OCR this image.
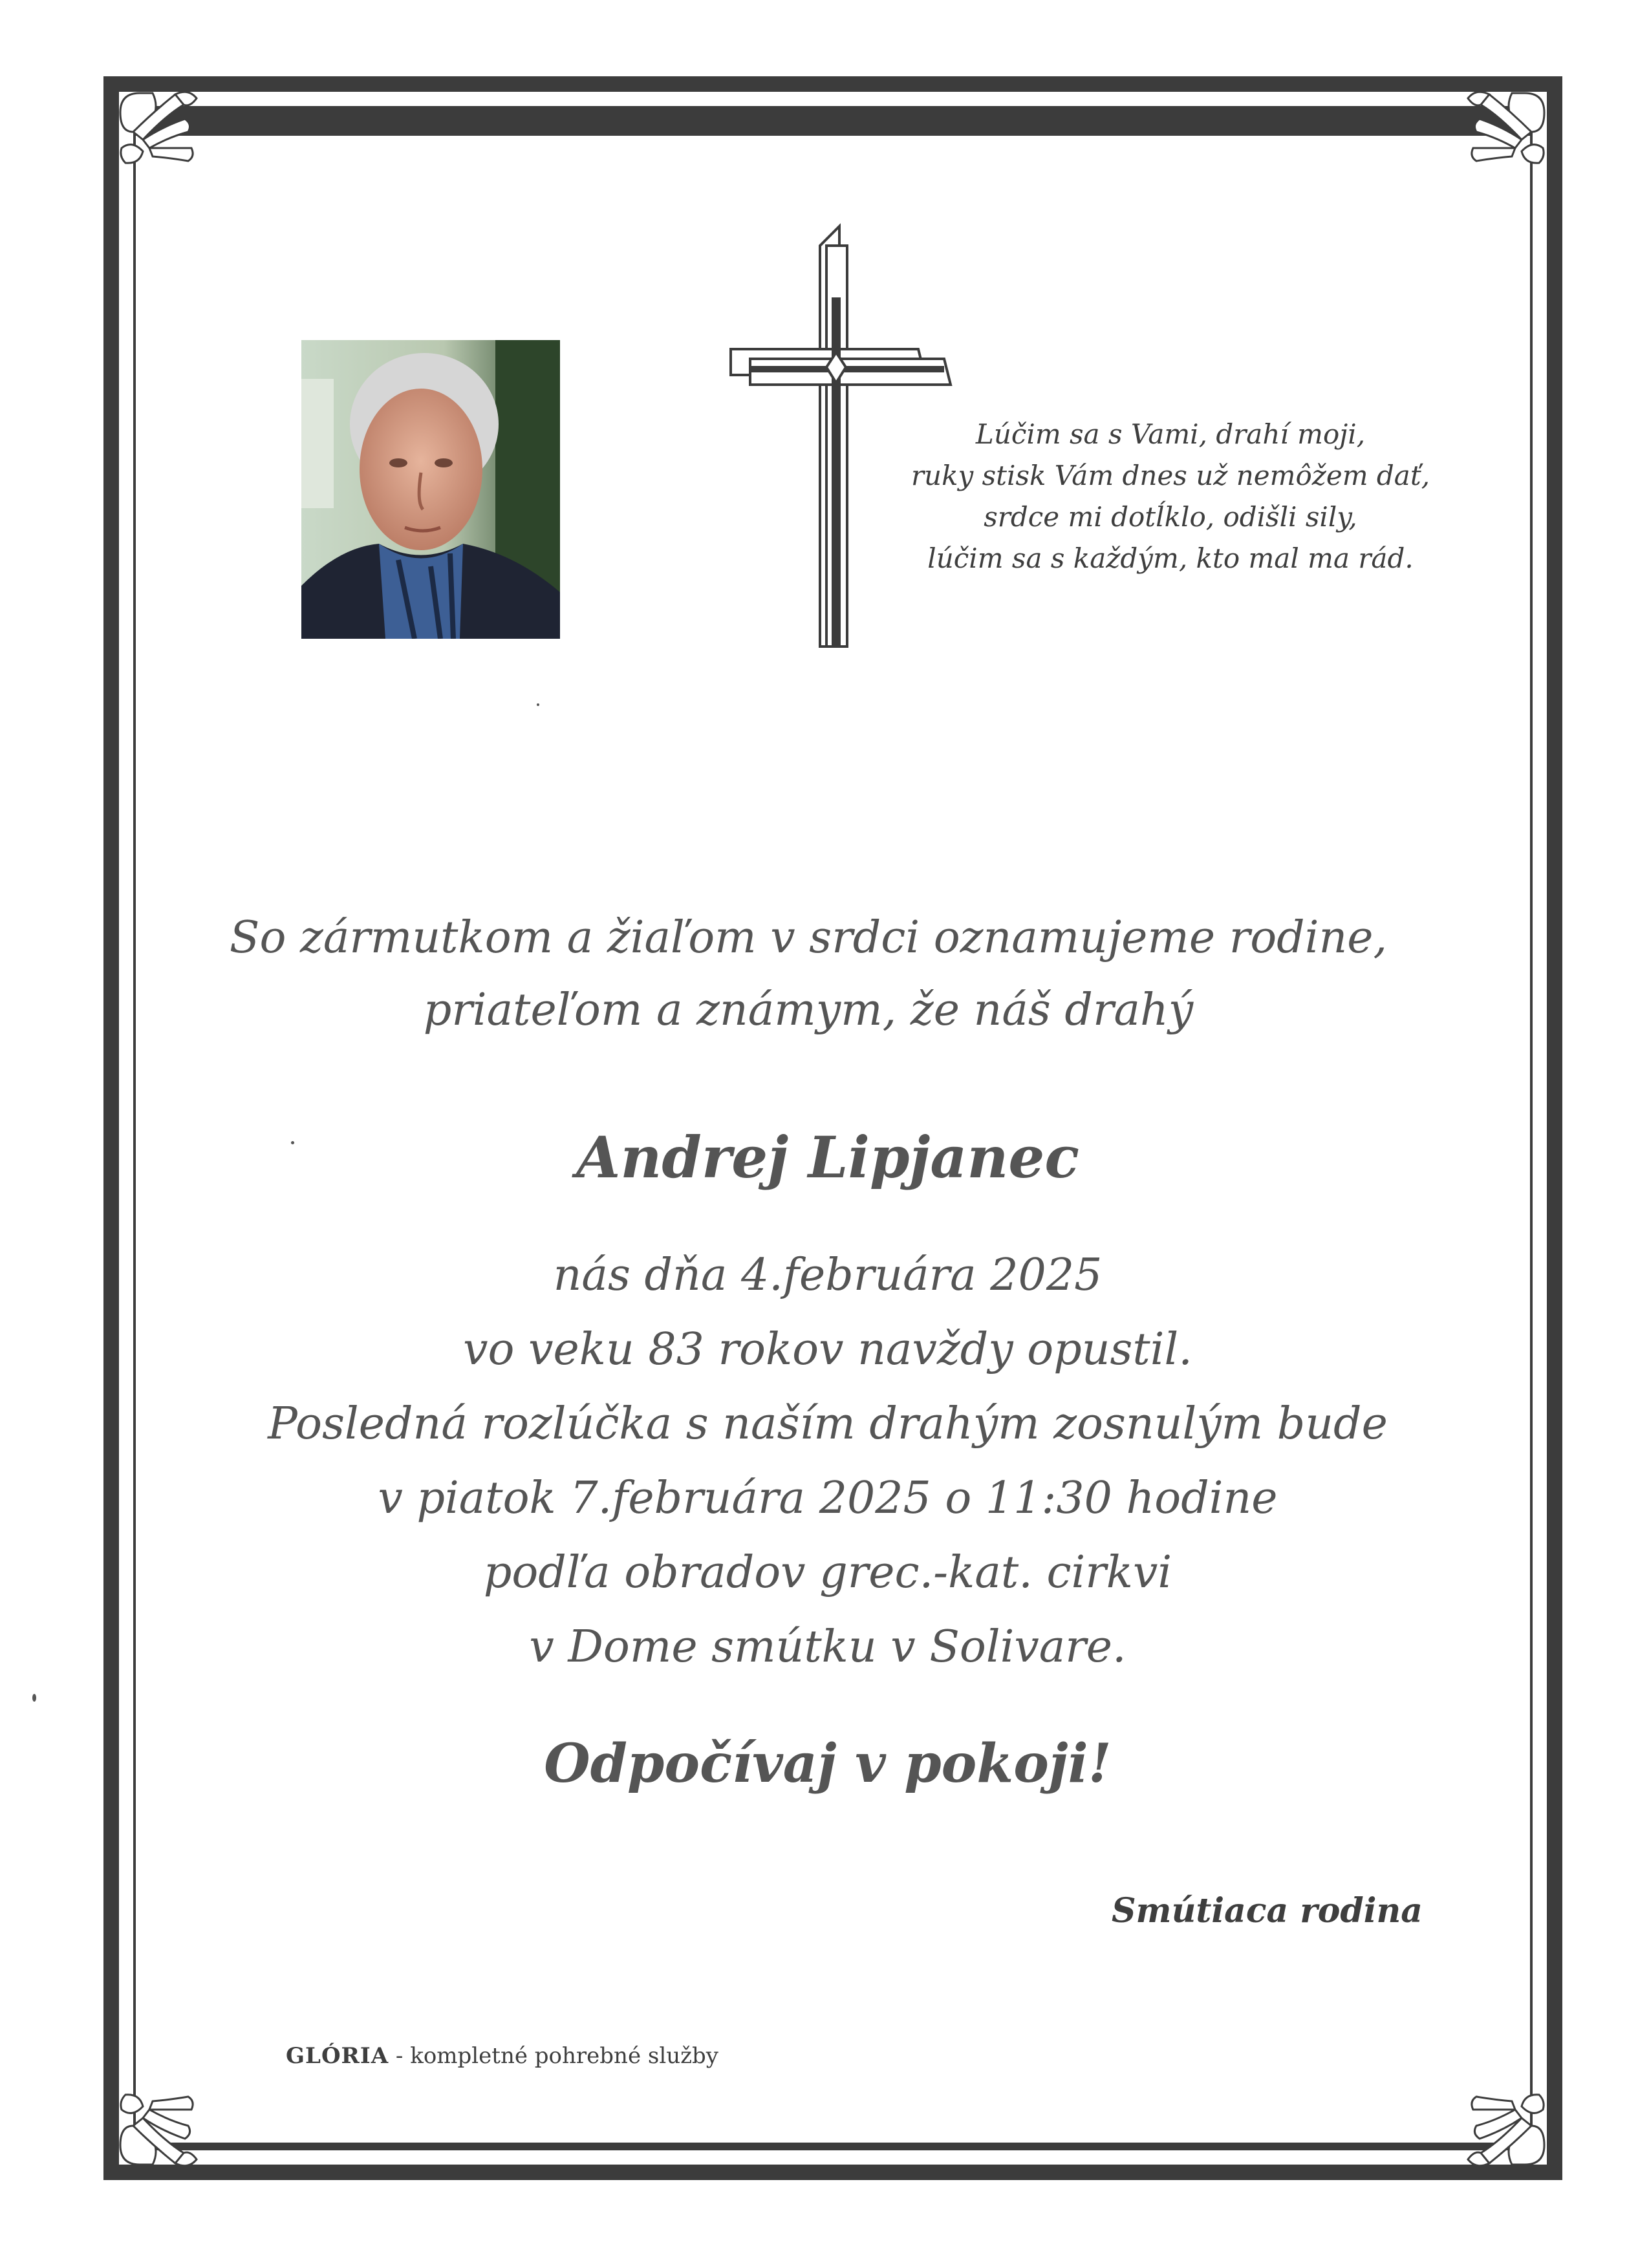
Lúčim sa s Vami, drahí moji,
ruky stisk Vám dnes už nemôžem dať,
srdce mi dotĺklo, odišli sily,
lúčim sa s každým, kto mal ma rád.
So zármutkom a žiaľom v srdci oznamujeme rodine,
priateľom a známym, že náš drahý
Andrej Lipjanec
nás dňa 4.februára 2025
vo veku 83 rokov navždy opustil.
Posledná rozlúčka s naším drahým zosnulým bude
v piatok 7.februára 2025 o 11:30 hodine
podľa obradov grec.-kat. cirkvi
v Dome smútku v Solivare.
Odpočívaj v pokoji!
Smútiaca rodina
GLÓRIA - kompletné pohrebné služby
